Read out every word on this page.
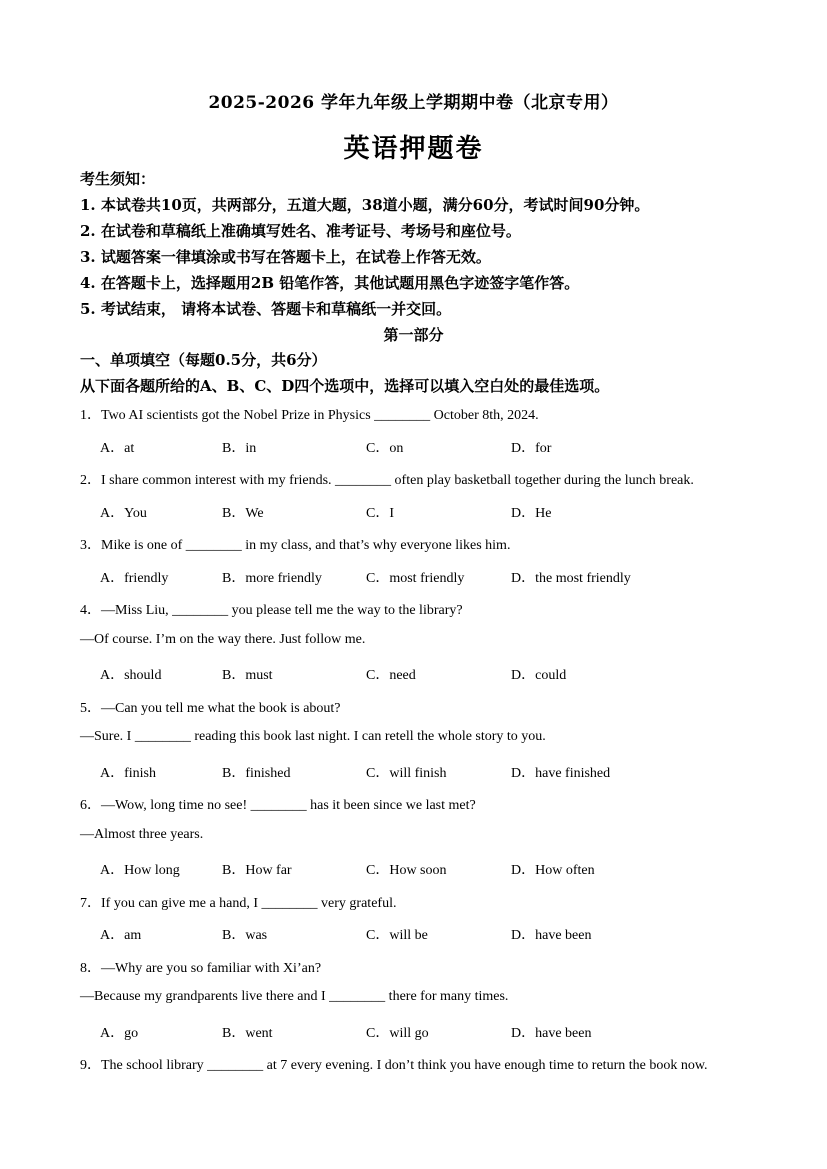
2025-2026 学年九年级上学期期中卷（北京专用）
英语押题卷
考生须知：
1. 本试卷共10页，共两部分，五道大题，38道小题，满分60分，考试时间90分钟。
2. 在试卷和草稿纸上准确填写姓名、准考证号、考场号和座位号。
3. 试题答案一律填涂或书写在答题卡上，在试卷上作答无效。
4. 在答题卡上，选择题用2B 铅笔作答，其他试题用黑色字迹签字笔作答。
5. 考试结束， 请将本试卷、答题卡和草稿纸一并交回。
第一部分
一、单项填空（每题0.5分，共6分）
从下面各题所给的A、B、C、D四个选项中，选择可以填入空白处的最佳选项。
1．Two AI scientists got the Nobel Prize in Physics ________ October 8th, 2024.
A．at	B．in	C．on	D．for
2．I share common interest with my friends. ________ often play basketball together during the lunch break.
A．You	B．We	C．I	D．He
3．Mike is one of ________ in my class, and that’s why everyone likes him.
A．friendly	B．more friendly	C．most friendly	D．the most friendly
4．—Miss Liu, ________ you please tell me the way to the library?
—Of course. I’m on the way there. Just follow me.
A．should	B．must	C．need	D．could
5．—Can you tell me what the book is about?
—Sure. I ________ reading this book last night. I can retell the whole story to you.
A．finish	B．finished	C．will finish	D．have finished
6．—Wow, long time no see! ________ has it been since we last met?
—Almost three years.
A．How long	B．How far	C．How soon	D．How often
7．If you can give me a hand, I ________ very grateful.
A．am	B．was	C．will be	D．have been
8．—Why are you so familiar with Xi’an?
—Because my grandparents live there and I ________ there for many times.
A．go	B．went	C．will go	D．have been
9．The school library ________ at 7 every evening. I don’t think you have enough time to return the book now.
